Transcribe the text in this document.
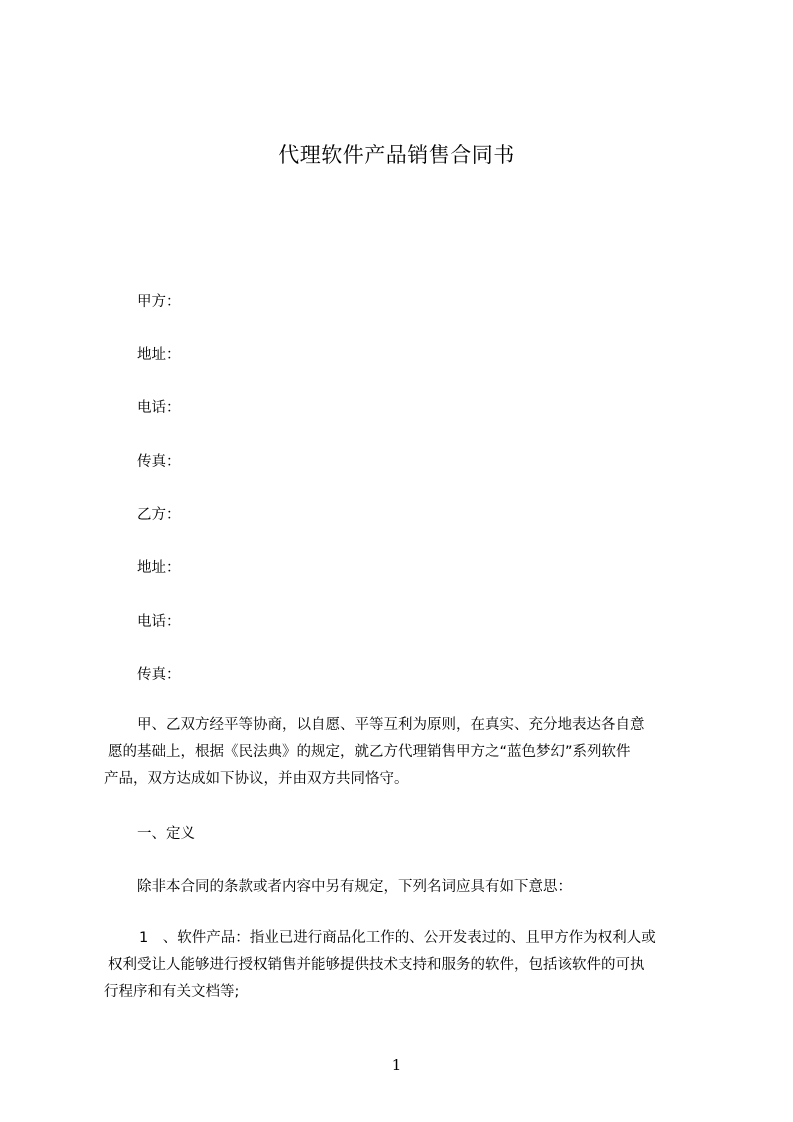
代理软件产品销售合同书
甲方：
地址：
电话：
传真：
乙方：
地址：
电话：
传真：
甲、乙双方经平等协商，以自愿、平等互利为原则，在真实、充分地表达各自意
愿的基础上，根据《民法典》的规定，就乙方代理销售甲方之“蓝色梦幻”系列软件
产品，双方达成如下协议，并由双方共同恪守。
一、定义
除非本合同的条款或者内容中另有规定，下列名词应具有如下意思：
1　、软件产品：指业已进行商品化工作的、公开发表过的、且甲方作为权利人或
权利受让人能够进行授权销售并能够提供技术支持和服务的软件，包括该软件的可执
行程序和有关文档等;
1
